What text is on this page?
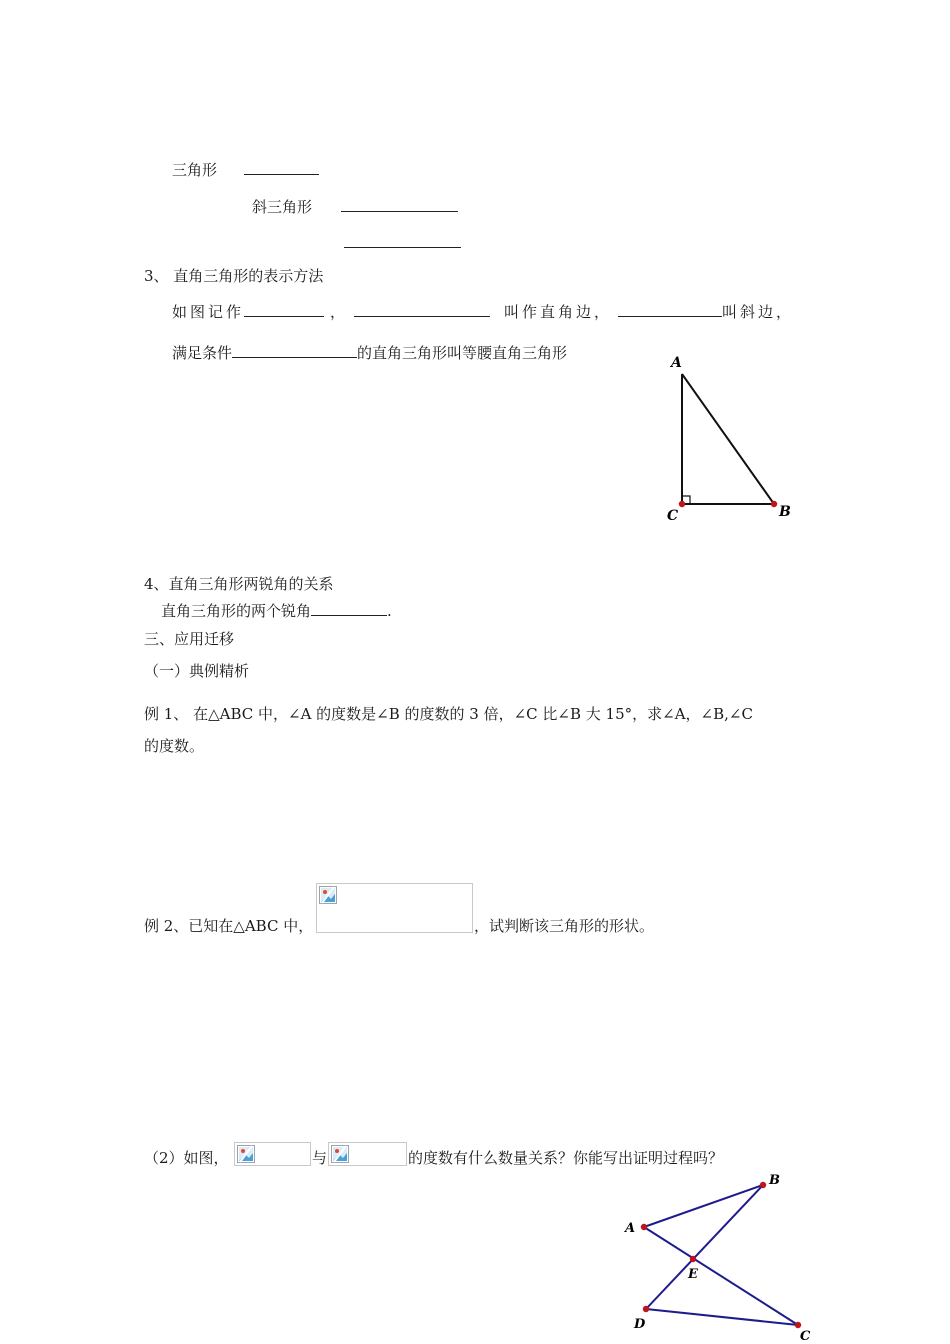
三角形
斜三角形
3、 直角三角形的表示方法
如图记作	，	叫作直角边，	叫斜边，
满足条件	的直角三角形叫等腰直角三角形
A
C	B
4、直角三角形两锐角的关系
直角三角形的两个锐角	.
三、应用迁移
（一）典例精析
例 1、 在△ABC 中，∠A 的度数是∠B 的度数的 3 倍，∠C 比∠B 大 15°，求∠A，∠B,∠C
的度数。
例 2、已知在△ABC 中，	，试判断该三角形的形状。
（2）如图，	与	的度数有什么数量关系？你能写出证明过程吗？
A
B
C
D
E
